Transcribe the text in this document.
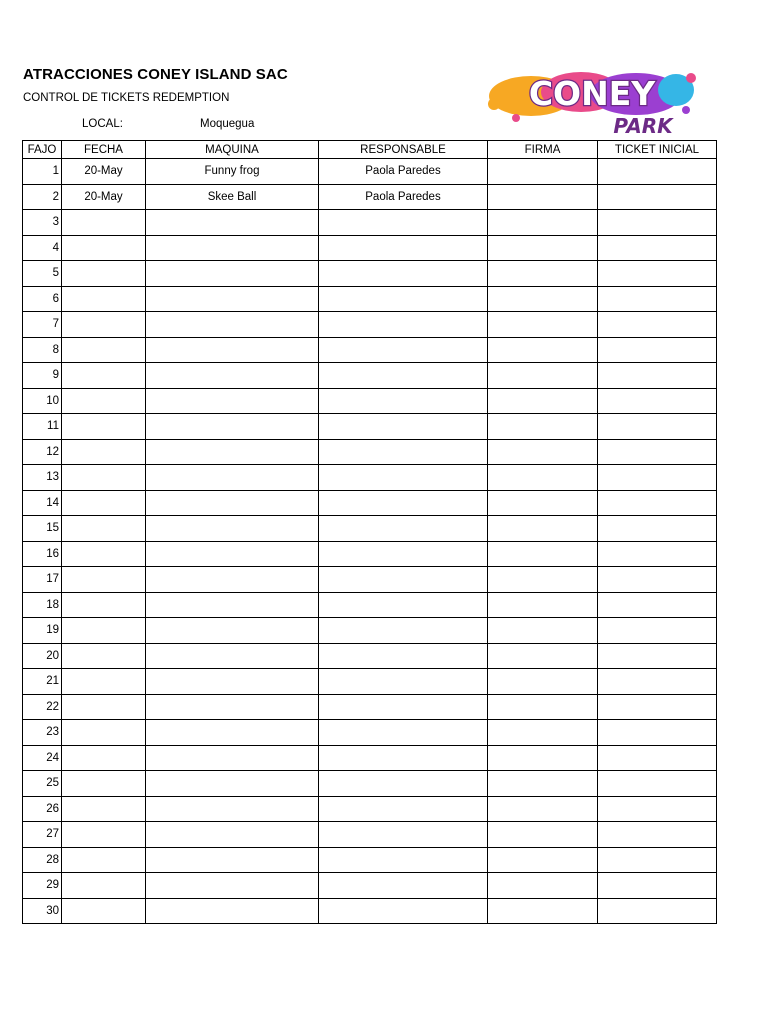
ATRACCIONES CONEY ISLAND SAC
CONTROL DE TICKETS REDEMPTION
LOCAL:	Moquegua
CONEY
PARK
FAJO	FECHA	MAQUINA	RESPONSABLE	FIRMA	TICKET INICIAL
1	20-May	Funny frog	Paola Paredes		
2	20-May	Skee Ball	Paola Paredes		
3					
4					
5					
6					
7					
8					
9					
10					
11					
12					
13					
14					
15					
16					
17					
18					
19					
20					
21					
22					
23					
24					
25					
26					
27					
28					
29					
30					
